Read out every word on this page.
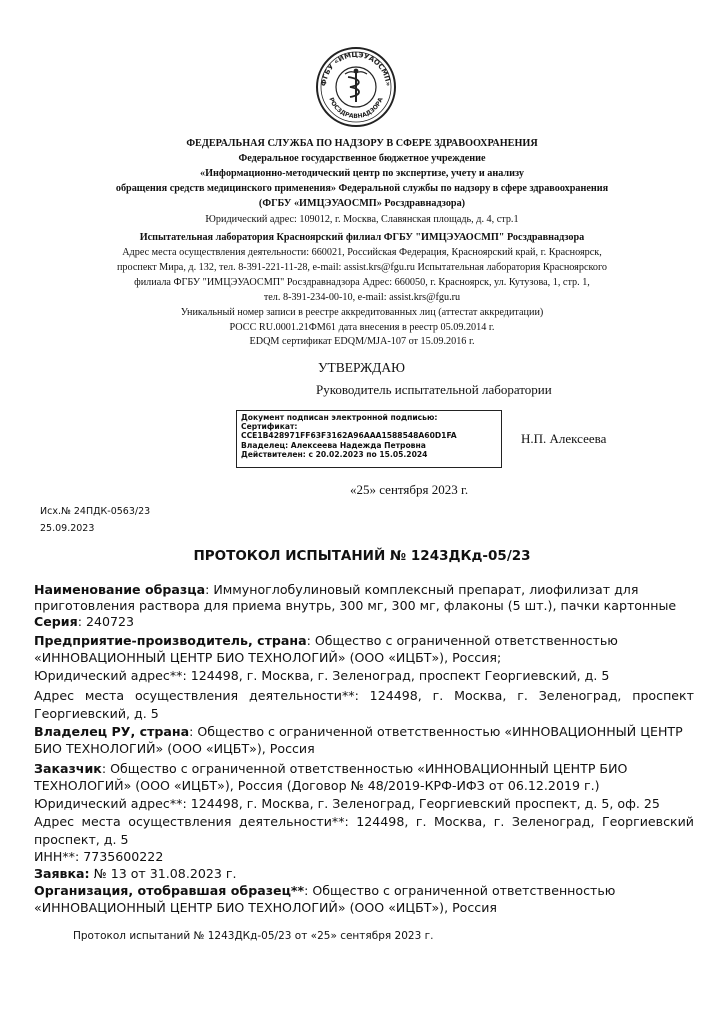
ФГБУ «ИМЦЭУАОСМП»
РОСЗДРАВНАДЗОРА
ФЕДЕРАЛЬНАЯ СЛУЖБА ПО НАДЗОРУ В СФЕРЕ ЗДРАВООХРАНЕНИЯ
Федеральное государственное бюджетное учреждение
«Информационно-методический центр по экспертизе, учету и анализу
обращения средств медицинского применения» Федеральной службы по надзору в сфере здравоохранения
(ФГБУ «ИМЦЭУАОСМП» Росздравнадзора)
Юридический адрес: 109012, г. Москва, Славянская площадь, д. 4, стр.1
Испытательная лаборатория Красноярский филиал ФГБУ "ИМЦЭУАОСМП" Росздравнадзора
Адрес места осуществления деятельности: 660021, Российская Федерация, Красноярский край, г. Красноярск,
проспект Мира, д. 132, тел. 8-391-221-11-28, e-mail: assist.krs@fgu.ru Испытательная лаборатория Красноярского
филиала ФГБУ "ИМЦЭУАОСМП" Росздравнадзора Адрес: 660050, г. Красноярск, ул. Кутузова, 1, стр. 1,
тел. 8-391-234-00-10, e-mail: assist.krs@fgu.ru
Уникальный номер записи в реестре аккредитованных лиц (аттестат аккредитации)
РОСС RU.0001.21ФМ61 дата внесения в реестр 05.09.2014 г.
EDQM сертификат EDQM/MJA-107 от 15.09.2016 г.
УТВЕРЖДАЮ
Руководитель испытательной лаборатории
Документ подписан электронной подписью:
Сертификат:
CCE1B428971FF63F3162A96AAA1588548A60D1FA
Владелец: Алексеева Надежда Петровна
Действителен: с 20.02.2023 по 15.05.2024
Н.П. Алексеева
«25» сентября 2023 г.
Исх.№ 24ПДК-0563/23
25.09.2023
ПРОТОКОЛ ИСПЫТАНИЙ № 1243ДКд-05/23
Наименование образца: Иммуноглобулиновый комплексный препарат, лиофилизат для
приготовления раствора для приема внутрь, 300 мг, 300 мг, флаконы (5 шт.), пачки картонные
Серия: 240723
Предприятие-производитель, страна: Общество с ограниченной ответственностью
«ИННОВАЦИОННЫЙ ЦЕНТР БИО ТЕХНОЛОГИЙ» (ООО «ИЦБТ»), Россия;
Юридический адрес**: 124498, г. Москва, г. Зеленоград, проспект Георгиевский, д. 5
Адрес места осуществления деятельности**: 124498, г. Москва, г. Зеленоград, проспект
Георгиевский, д. 5
Владелец РУ, страна: Общество с ограниченной ответственностью «ИННОВАЦИОННЫЙ ЦЕНТР
БИО ТЕХНОЛОГИЙ» (ООО «ИЦБТ»), Россия
Заказчик: Общество с ограниченной ответственностью «ИННОВАЦИОННЫЙ ЦЕНТР БИО
ТЕХНОЛОГИЙ» (ООО «ИЦБТ»), Россия (Договор № 48/2019-КРФ-ИФЗ от 06.12.2019 г.)
Юридический адрес**: 124498, г. Москва, г. Зеленоград, Георгиевский проспект, д. 5, оф. 25
Адрес места осуществления деятельности**: 124498, г. Москва, г. Зеленоград, Георгиевский
проспект, д. 5
ИНН**: 7735600222
Заявка: № 13 от 31.08.2023 г.
Организация, отобравшая образец**: Общество с ограниченной ответственностью
«ИННОВАЦИОННЫЙ ЦЕНТР БИО ТЕХНОЛОГИЙ» (ООО «ИЦБТ»), Россия
Протокол испытаний № 1243ДКд-05/23 от «25» сентября 2023 г.
